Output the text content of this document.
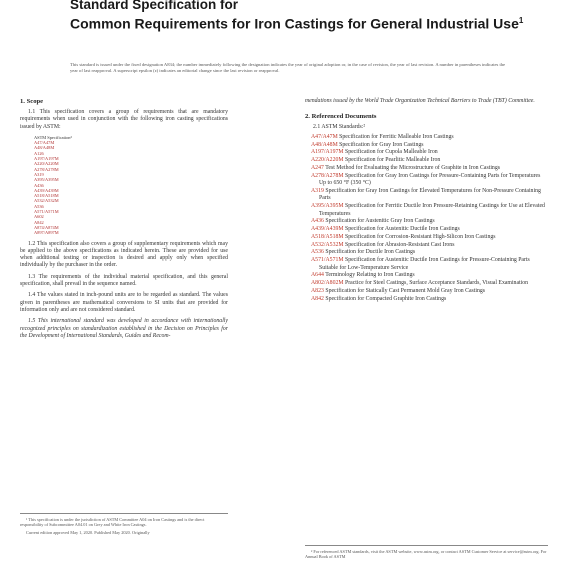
Standard Specification for
Common Requirements for Iron Castings for General Industrial Use$^1$
This standard is issued under the fixed designation A834; the number immediately following the designation indicates the year of original adoption or, in the case of revision, the year of last revision. A number in parentheses indicates the year of last reapproval. A superscript epsilon (ε) indicates an editorial change since the last revision or reapproval.
1. Scope

1.1 This specification covers a group of requirements that are mandatory requirements when used in conjunction with the following iron casting specifications issued by ASTM:

ASTM Specification²
A47/A47M
A48/A48M
A126
A197/A197M
A220/A220M
A278/A278M
A319
A395/A395M
A436
A439/A439M
A518/A518M
A532/A532M
A536
A571/A571M
A602
A842
A874/A874M
A897/A897M

1.2 This specification also covers a group of supplementary requirements which may be applied to the above specifications as indicated herein. These are provided for use when additional testing or inspection is desired and apply only when specified individually by the purchaser in the order.

1.3 The requirements of the individual material specification, and this general specification, shall prevail in the sequence named.

1.4 The values stated in inch-pound units are to be regarded as standard. The values given in parentheses are mathematical conversions to SI units that are provided for information only and are not considered standard.

1.5 This international standard was developed in accordance with internationally recognized principles on standardization established in the Decision on Principles for the Development of International Standards, Guides and Recom-

mendations issued by the World Trade Organization Technical Barriers to Trade (TBT) Committee.

2. Referenced Documents
2.1 ASTM Standards:²
A47/A47M Specification for Ferritic Malleable Iron Castings
A48/A48M Specification for Gray Iron Castings
A197/A197M Specification for Cupola Malleable Iron
A220/A220M Specification for Pearlitic Malleable Iron
A247 Test Method for Evaluating the Microstructure of Graphite in Iron Castings
A278/A278M Specification for Gray Iron Castings for Pressure-Containing Parts for Temperatures Up to 650 °F (350 °C)
A319 Specification for Gray Iron Castings for Elevated Temperatures for Non-Pressure Containing Parts
A395/A395M Specification for Ferritic Ductile Iron Pressure-Retaining Castings for Use at Elevated Temperatures
A436 Specification for Austenitic Gray Iron Castings
A439/A439M Specification for Austenitic Ductile Iron Castings
A518/A518M Specification for Corrosion-Resistant High-Silicon Iron Castings
A532/A532M Specification for Abrasion-Resistant Cast Irons
A536 Specification for Ductile Iron Castings
A571/A571M Specification for Austenitic Ductile Iron Castings for Pressure-Containing Parts Suitable for Low-Temperature Service
A644 Terminology Relating to Iron Castings
A802/A802M Practice for Steel Castings, Surface Acceptance Standards, Visual Examination
A823 Specification for Statically Cast Permanent Mold Gray Iron Castings
A842 Specification for Compacted Graphite Iron Castings

¹ This specification is under the jurisdiction of ASTM Committee A04 on Iron Castings and is the direct responsibility of Subcommittee A04.01 on Grey and White Iron Castings.

Current edition approved May 1, 2020. Published May 2020. Originally

² For referenced ASTM standards, visit the ASTM website, www.astm.org, or contact ASTM Customer Service at service@astm.org. For Annual Book of ASTM
